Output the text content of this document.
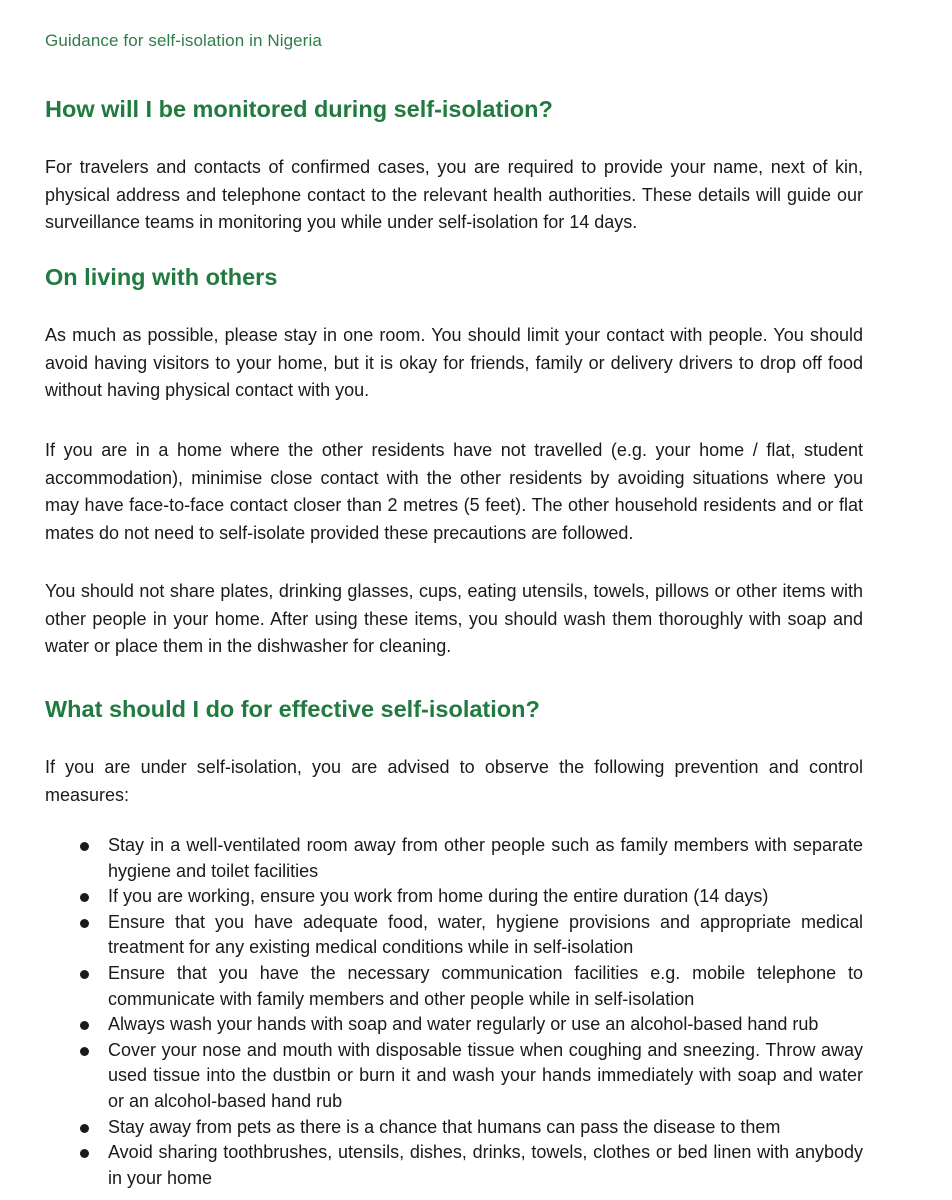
Guidance for self-isolation in Nigeria
How will I be monitored during self-isolation?

For travelers and contacts of confirmed cases, you are required to provide your name, next of kin, physical address and telephone contact to the relevant health authorities. These details will guide our surveillance teams in monitoring you while under self-isolation for 14 days.

On living with others

As much as possible, please stay in one room. You should limit your contact with people. You should avoid having visitors to your home, but it is okay for friends, family or delivery drivers to drop off food without having physical contact with you.

If you are in a home where the other residents have not travelled (e.g. your home / flat, student accommodation), minimise close contact with the other residents by avoiding situations where you may have face-to-face contact closer than 2 metres (5 feet). The other household residents and or flat mates do not need to self-isolate provided these precautions are followed.

You should not share plates, drinking glasses, cups, eating utensils, towels, pillows or other items with other people in your home. After using these items, you should wash them thoroughly with soap and water or place them in the dishwasher for cleaning.

What should I do for effective self-isolation?

If you are under self-isolation, you are advised to observe the following prevention and control measures:

Stay in a well-ventilated room away from other people such as family members with separate hygiene and toilet facilities
If you are working, ensure you work from home during the entire duration (14 days)
Ensure that you have adequate food, water, hygiene provisions and appropriate medical treatment for any existing medical conditions while in self-isolation
Ensure that you have the necessary communication facilities e.g. mobile telephone to communicate with family members and other people while in self-isolation
Always wash your hands with soap and water regularly or use an alcohol-based hand rub
Cover your nose and mouth with disposable tissue when coughing and sneezing. Throw away used tissue into the dustbin or burn it and wash your hands immediately with soap and water or an alcohol-based hand rub
Stay away from pets as there is a chance that humans can pass the disease to them
Avoid sharing toothbrushes, utensils, dishes, drinks, towels, clothes or bed linen with anybody in your home
